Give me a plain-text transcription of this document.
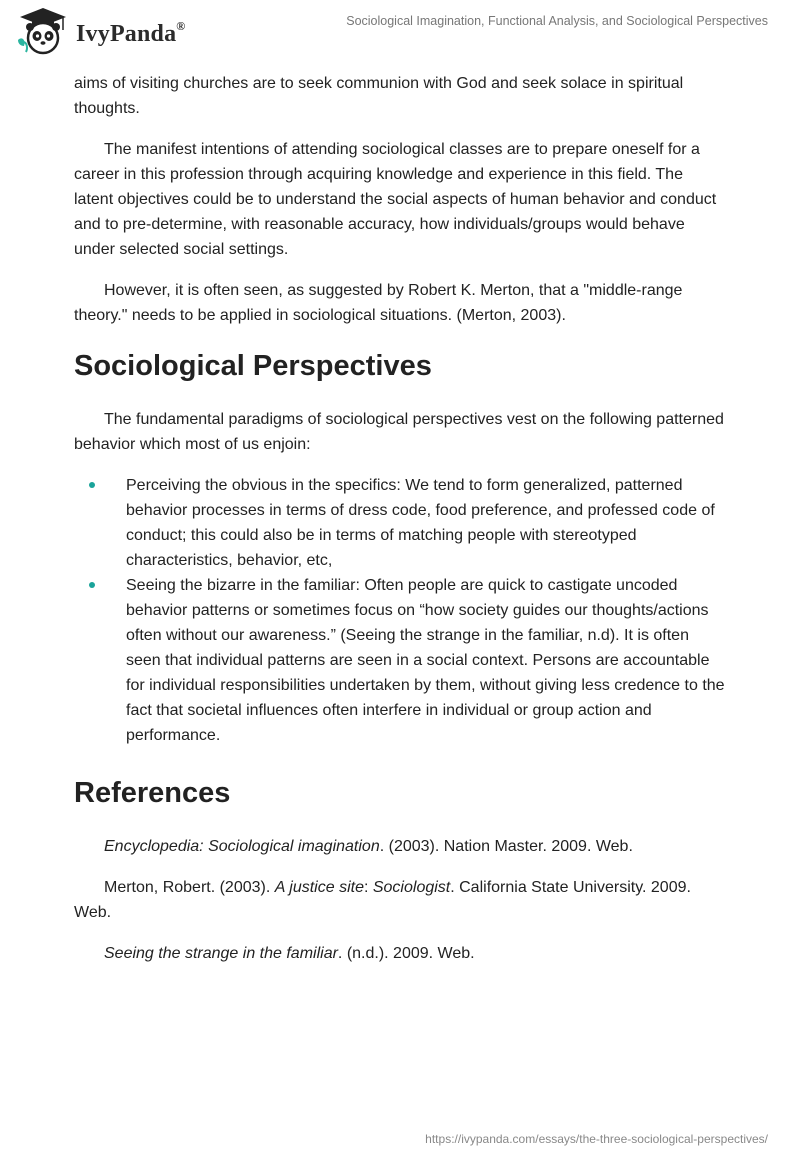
IvyPanda®	Sociological Imagination, Functional Analysis, and Sociological Perspectives

aims of visiting churches are to seek communion with God and seek solace in spiritual thoughts.

The manifest intentions of attending sociological classes are to prepare oneself for a career in this profession through acquiring knowledge and experience in this field. The latent objectives could be to understand the social aspects of human behavior and conduct and to pre-determine, with reasonable accuracy, how individuals/groups would behave under selected social settings.

However, it is often seen, as suggested by Robert K. Merton, that a "middle-range theory." needs to be applied in sociological situations. (Merton, 2003).

Sociological Perspectives

The fundamental paradigms of sociological perspectives vest on the following patterned behavior which most of us enjoin:

Perceiving the obvious in the specifics: We tend to form generalized, patterned behavior processes in terms of dress code, food preference, and professed code of conduct; this could also be in terms of matching people with stereotyped characteristics, behavior, etc,
Seeing the bizarre in the familiar: Often people are quick to castigate uncoded behavior patterns or sometimes focus on “how society guides our thoughts/actions often without our awareness.” (Seeing the strange in the familiar, n.d). It is often seen that individual patterns are seen in a social context. Persons are accountable for individual responsibilities undertaken by them, without giving less credence to the fact that societal influences often interfere in individual or group action and performance.
References

Encyclopedia: Sociological imagination. (2003). Nation Master. 2009. Web.

Merton, Robert. (2003). A justice site: Sociologist. California State University. 2009. Web.

Seeing the strange in the familiar. (n.d.). 2009. Web.

https://ivypanda.com/essays/the-three-sociological-perspectives/
